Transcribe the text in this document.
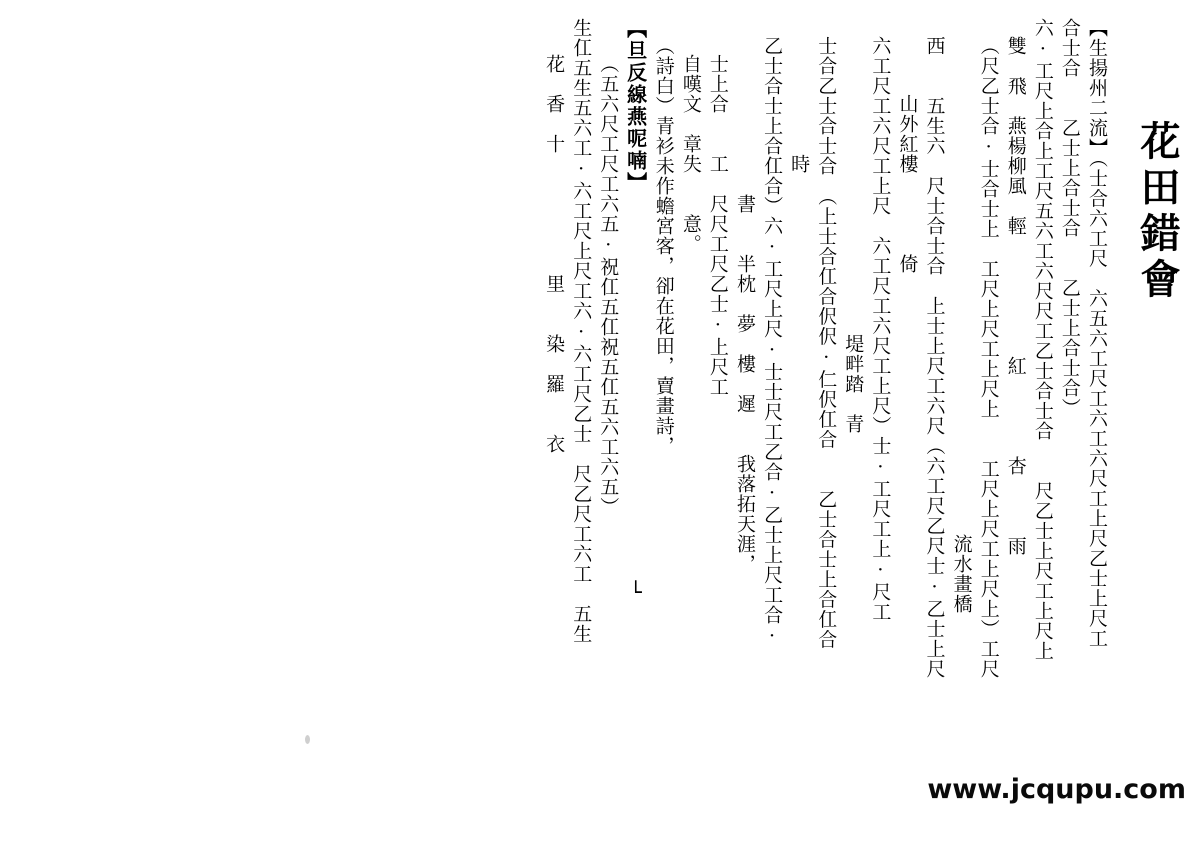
花田錯會
【生揚州二流】（士合六工尺　六五六工尺工六工六尺工上尺乙士上尺工
合士合　　乙士上合士合　　乙士上合士合）
六·工尺上合上工尺五六工六尺尺工乙士合士合　　尺乙士上尺工上尺上
雙　飛　燕楊柳風　輕　　　　　　紅　　　　杏　　　雨
（尺乙士合·士合士上　工尺上尺工上尺上　　工尺上尺工上尺上）工尺
　　　　　　　　　　　　　　　　　　　　　　　流水畫橋
西　　五生六　尺士合士合　上士上尺工六尺（六工尺乙尺士·乙士上尺
　　山外紅樓　　　　倚
六工尺工六尺工上尺　六工尺工六尺工上尺）士·工尺工上·尺工
　　　　　　　　　　　　　堤畔踏　青
士合乙士合士合　（上士合仜合伬伬·仁伬仜合　　乙士合士上合仜合
　　　　時
乙士合士上合仜合）六·工尺上尺·士士尺工乙合·乙士上尺工合·
　　　　　　書　　半枕　夢　樓　遲　　我落拓天涯，
士上合　　工　尺尺工尺乙士·上尺工
自嘆文　章失　　意。
（詩白）青衫未作蟾宮客，卻在花田，賣畫詩，
【旦反線燕呢喃】　　　　　　　　　　　　　　　　　　└
（五六尺工尺工六五·祝仜五仜祝五仜五六工六五）
生仜五生五六工·六工尺上尺工六·六工尺乙士　尺乙尺工六工　五生
花　香　十　　　　　　里　　染　羅　　衣
www.jcqupu.com
